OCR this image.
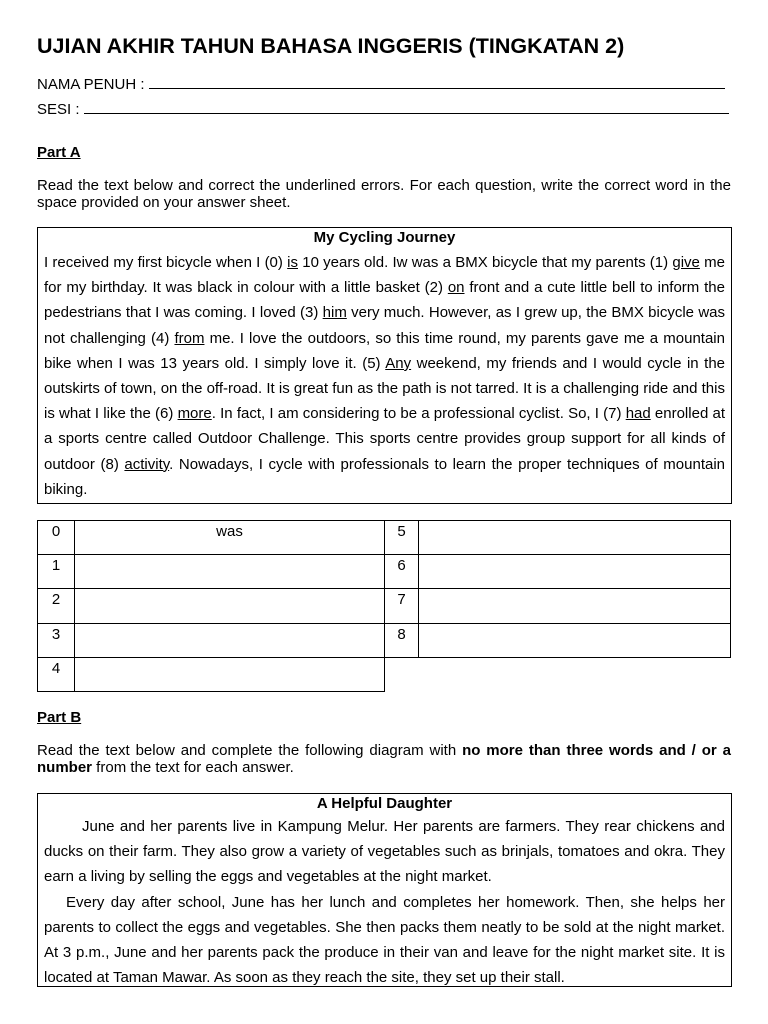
UJIAN AKHIR TAHUN BAHASA INGGERIS (TINGKATAN 2)
NAMA PENUH :
SESI :
Part A
Read the text below and correct the underlined errors. For each question, write the correct word in the space provided on your answer sheet.
My Cycling Journey

I received my first bicycle when I (0) is 10 years old. Iw was a BMX bicycle that my parents (1) give me for my birthday. It was black in colour with a little basket (2) on front and a cute little bell to inform the pedestrians that I was coming. I loved (3) him very much. However, as I grew up, the BMX bicycle was not challenging (4) from me. I love the outdoors, so this time round, my parents gave me a mountain bike when I was 13 years old. I simply love it. (5) Any weekend, my friends and I would cycle in the outskirts of town, on the off-road. It is great fun as the path is not tarred. It is a challenging ride and this is what I like the (6) more. In fact, I am considering to be a professional cyclist. So, I (7) had enrolled at a sports centre called Outdoor Challenge. This sports centre provides group support for all kinds of outdoor (8) activity. Nowadays, I cycle with professionals to learn the proper techniques of mountain biking.

0	was
1	
2	
3	
4	
5	
6	
7	
8	
Part B
Read the text below and complete the following diagram with no more than three words and / or a number from the text for each answer.
A Helpful Daughter

June and her parents live in Kampung Melur. Her parents are farmers. They rear chickens and ducks on their farm. They also grow a variety of vegetables such as brinjals, tomatoes and okra. They earn a living by selling the eggs and vegetables at the night market.

Every day after school, June has her lunch and completes her homework. Then, she helps her parents to collect the eggs and vegetables. She then packs them neatly to be sold at the night market. At 3 p.m., June and her parents pack the produce in their van and leave for the night market site. It is located at Taman Mawar. As soon as they reach the site, they set up their stall.
